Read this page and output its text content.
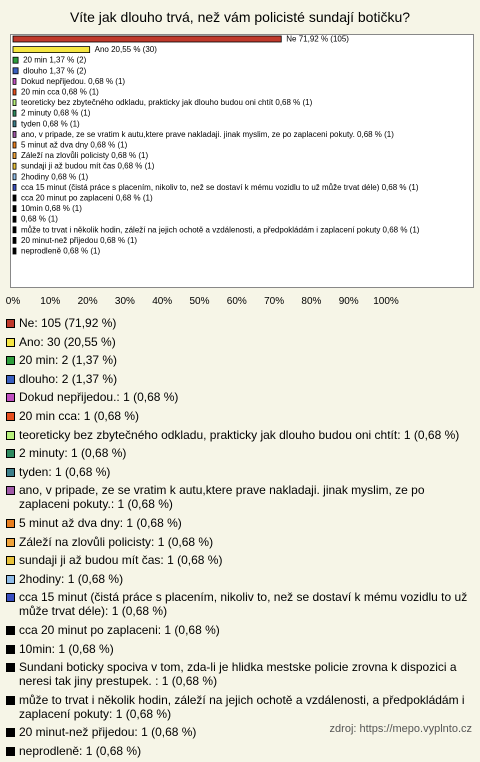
Víte jak dlouho trvá, než vám policisté sundají botičku?
Ne 71,92 % (105)
Ano 20,55 % (30)
20 min 1,37 % (2)
dlouho 1,37 % (2)
Dokud nepřijedou. 0,68 % (1)
20 min cca 0,68 % (1)
teoreticky bez zbytečného odkladu, prakticky jak dlouho budou oni chtít 0,68 % (1)
2 minuty 0,68 % (1)
tyden 0,68 % (1)
ano, v pripade, ze se vratim k autu,ktere prave nakladaji. jinak myslim, ze po zaplaceni pokuty. 0,68 % (1)
5 minut až dva dny 0,68 % (1)
Záleží na zlovůli policisty 0,68 % (1)
sundaji ji až budou mít čas 0,68 % (1)
2hodiny 0,68 % (1)
cca 15 minut (čistá práce s placením, nikoliv to, než se dostaví k mému vozidlu to už může trvat déle) 0,68 % (1)
cca 20 minut po zaplaceni 0,68 % (1)
10min 0,68 % (1)
0,68 % (1)
může to trvat i několik hodin, záleží na jejich ochotě a vzdálenosti, a předpokládám i zaplacení pokuty 0,68 % (1)
20 minut-než přijedou 0,68 % (1)
neprodleně 0,68 % (1)
0% 10% 20% 30% 40% 50% 60% 70% 80% 90% 100%
Ne: 105 (71,92 %)
Ano: 30 (20,55 %)
20 min: 2 (1,37 %)
dlouho: 2 (1,37 %)
Dokud nepřijedou.: 1 (0,68 %)
20 min cca: 1 (0,68 %)
teoreticky bez zbytečného odkladu, prakticky jak dlouho budou oni chtít: 1 (0,68 %)
2 minuty: 1 (0,68 %)
tyden: 1 (0,68 %)
ano, v pripade, ze se vratim k autu,ktere prave nakladaji. jinak myslim, ze po zaplaceni pokuty.: 1 (0,68 %)
5 minut až dva dny: 1 (0,68 %)
Záleží na zlovůli policisty: 1 (0,68 %)
sundaji ji až budou mít čas: 1 (0,68 %)
2hodiny: 1 (0,68 %)
cca 15 minut (čistá práce s placením, nikoliv to, než se dostaví k mému vozidlu to už může trvat déle): 1 (0,68 %)
cca 20 minut po zaplaceni: 1 (0,68 %)
10min: 1 (0,68 %)
Sundani boticky spociva v tom, zda-li je hlidka mestske policie zrovna k dispozici a neresi tak jiny prestupek. : 1 (0,68 %)
může to trvat i několik hodin, záleží na jejich ochotě a vzdálenosti, a předpokládám i zaplacení pokuty: 1 (0,68 %)
20 minut-než přijedou: 1 (0,68 %)
neprodleně: 1 (0,68 %)
zdroj: https://mepo.vyplnto.cz
